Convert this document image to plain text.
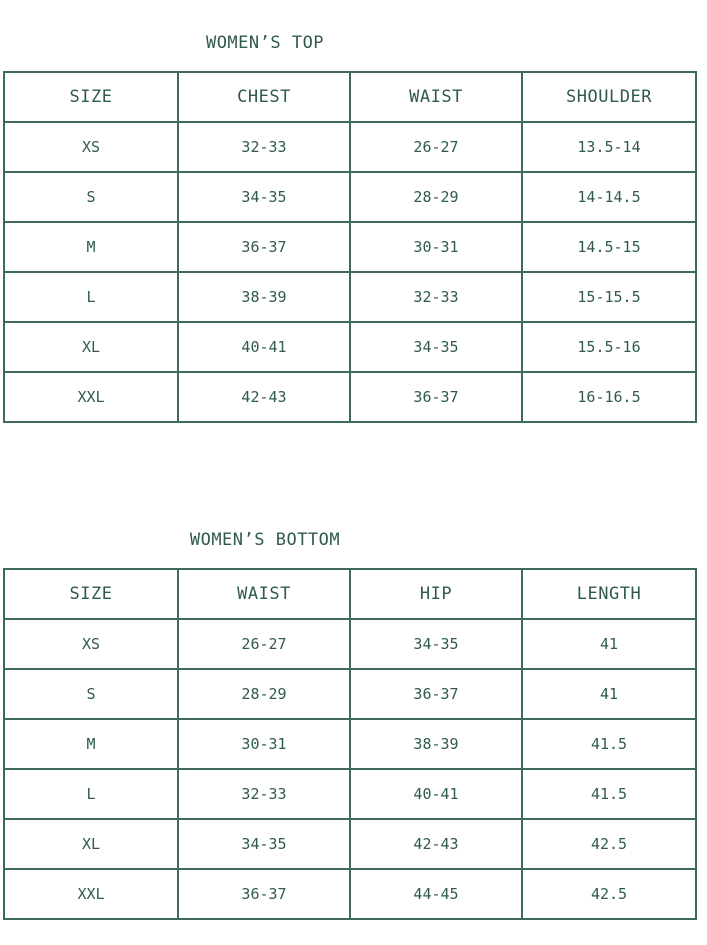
WOMEN’S TOP
SIZE	CHEST	WAIST	SHOULDER
XS	32-33	26-27	13.5-14
S	34-35	28-29	14-14.5
M	36-37	30-31	14.5-15
L	38-39	32-33	15-15.5
XL	40-41	34-35	15.5-16
XXL	42-43	36-37	16-16.5
WOMEN’S BOTTOM
SIZE	WAIST	HIP	LENGTH
XS	26-27	34-35	41
S	28-29	36-37	41
M	30-31	38-39	41.5
L	32-33	40-41	41.5
XL	34-35	42-43	42.5
XXL	36-37	44-45	42.5
